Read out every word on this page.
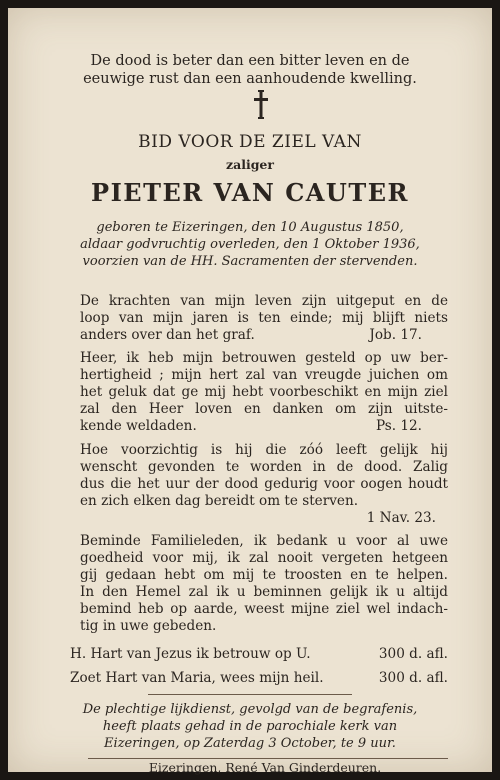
De dood is beter dan een bitter leven en de
eeuwige rust dan een aanhoudende kwelling.
BID VOOR DE ZIEL VAN
zaliger
PIETER VAN CAUTER
geboren te Eizeringen, den 10 Augustus 1850,
aldaar godvruchtig overleden, den 1 Oktober 1936,
voorzien van de HH. Sacramenten der stervenden.
De krachten van mijn leven zijn uitgeput en de
loop van mijn jaren is ten einde; mij blijft niets
anders over dan het graf.	Job. 17.
Heer, ik heb mijn betrouwen gesteld op uw ber-
hertigheid ; mijn hert zal van vreugde juichen om
het geluk dat ge mij hebt voorbeschikt en mijn ziel
zal den Heer loven en danken om zijn uitste-
kende weldaden.	Ps. 12.
Hoe voorzichtig is hij die zóó leeft gelijk hij
wenscht gevonden te worden in de dood. Zalig
dus die het uur der dood gedurig voor oogen houdt
en zich elken dag bereidt om te sterven.
1 Nav. 23.
Beminde Familieleden, ik bedank u voor al uwe
goedheid voor mij, ik zal nooit vergeten hetgeen
gij gedaan hebt om mij te troosten en te helpen.
In den Hemel zal ik u beminnen gelijk ik u altijd
bemind heb op aarde, weest mijne ziel wel indach-
tig in uwe gebeden.
H. Hart van Jezus ik betrouw op U.	300 d. afl.
Zoet Hart van Maria, wees mijn heil.	300 d. afl.
De plechtige lijkdienst, gevolgd van de begrafenis,
heeft plaats gehad in de parochiale kerk van
Eizeringen, op Zaterdag 3 October, te 9 uur.
Eizeringen, René Van Ginderdeuren.
